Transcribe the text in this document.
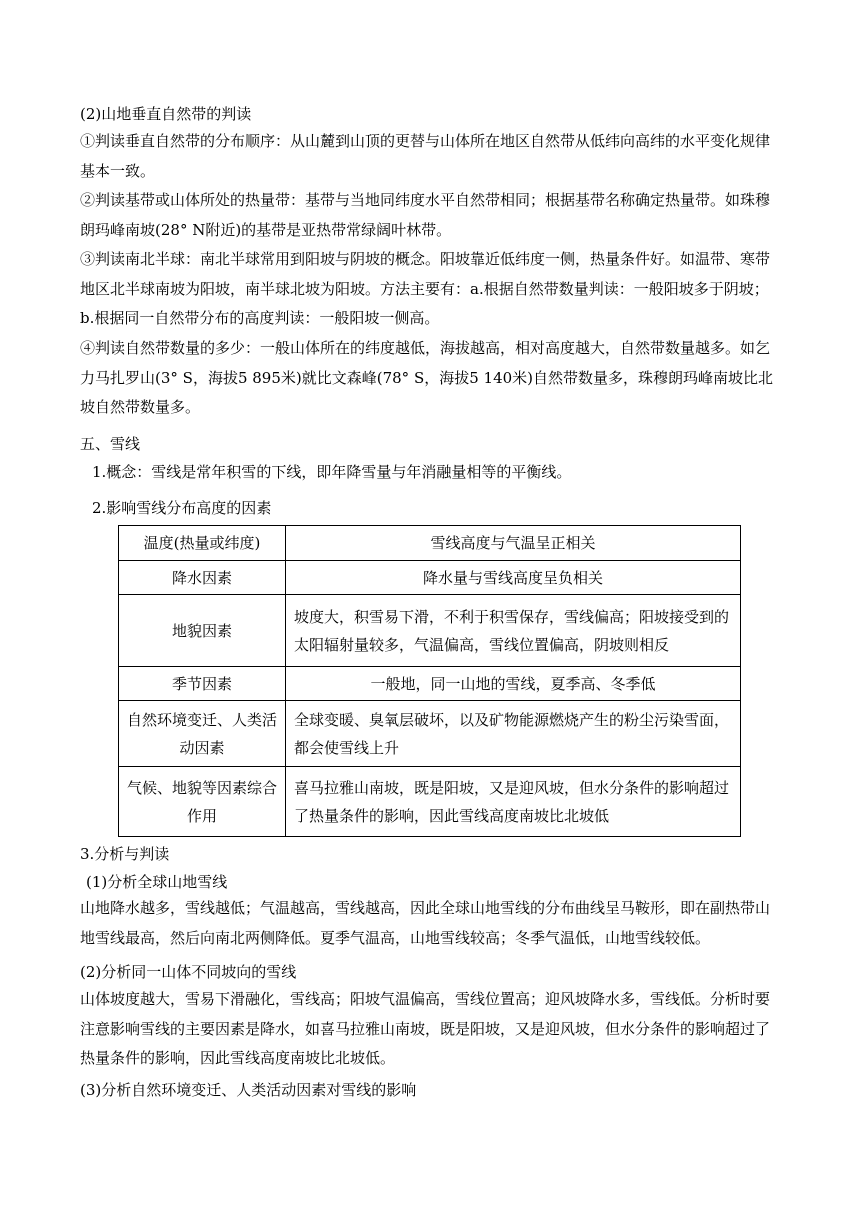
(2)山地垂直自然带的判读

①判读垂直自然带的分布顺序：从山麓到山顶的更替与山体所在地区自然带从低纬向高纬的水平变化规律基本一致。

②判读基带或山体所处的热量带：基带与当地同纬度水平自然带相同；根据基带名称确定热量带。如珠穆朗玛峰南坡(28° N附近)的基带是亚热带常绿阔叶林带。

③判读南北半球：南北半球常用到阳坡与阴坡的概念。阳坡靠近低纬度一侧，热量条件好。如温带、寒带地区北半球南坡为阳坡，南半球北坡为阳坡。方法主要有：a.根据自然带数量判读：一般阳坡多于阴坡；b.根据同一自然带分布的高度判读：一般阳坡一侧高。

④判读自然带数量的多少：一般山体所在的纬度越低，海拔越高，相对高度越大，自然带数量越多。如乞力马扎罗山(3° S，海拔5 895米)就比文森峰(78° S，海拔5 140米)自然带数量多，珠穆朗玛峰南坡比北坡自然带数量多。

五、雪线
1.概念：雪线是常年积雪的下线，即年降雪量与年消融量相等的平衡线。
2.影响雪线分布高度的因素
温度(热量或纬度)	雪线高度与气温呈正相关
降水因素	降水量与雪线高度呈负相关
地貌因素	坡度大，积雪易下滑，不利于积雪保存，雪线偏高；阳坡接受到的太阳辐射量较多，气温偏高，雪线位置偏高，阴坡则相反
季节因素	一般地，同一山地的雪线，夏季高、冬季低
自然环境变迁、人类活动因素	全球变暖、臭氧层破坏，以及矿物能源燃烧产生的粉尘污染雪面，都会使雪线上升
气候、地貌等因素综合作用	喜马拉雅山南坡，既是阳坡，又是迎风坡，但水分条件的影响超过了热量条件的影响，因此雪线高度南坡比北坡低
3.分析与判读
(1)分析全球山地雪线

山地降水越多，雪线越低；气温越高，雪线越高，因此全球山地雪线的分布曲线呈马鞍形，即在副热带山地雪线最高，然后向南北两侧降低。夏季气温高，山地雪线较高；冬季气温低，山地雪线较低。

(2)分析同一山体不同坡向的雪线

山体坡度越大，雪易下滑融化，雪线高；阳坡气温偏高，雪线位置高；迎风坡降水多，雪线低。分析时要注意影响雪线的主要因素是降水，如喜马拉雅山南坡，既是阳坡，又是迎风坡，但水分条件的影响超过了热量条件的影响，因此雪线高度南坡比北坡低。

(3)分析自然环境变迁、人类活动因素对雪线的影响
